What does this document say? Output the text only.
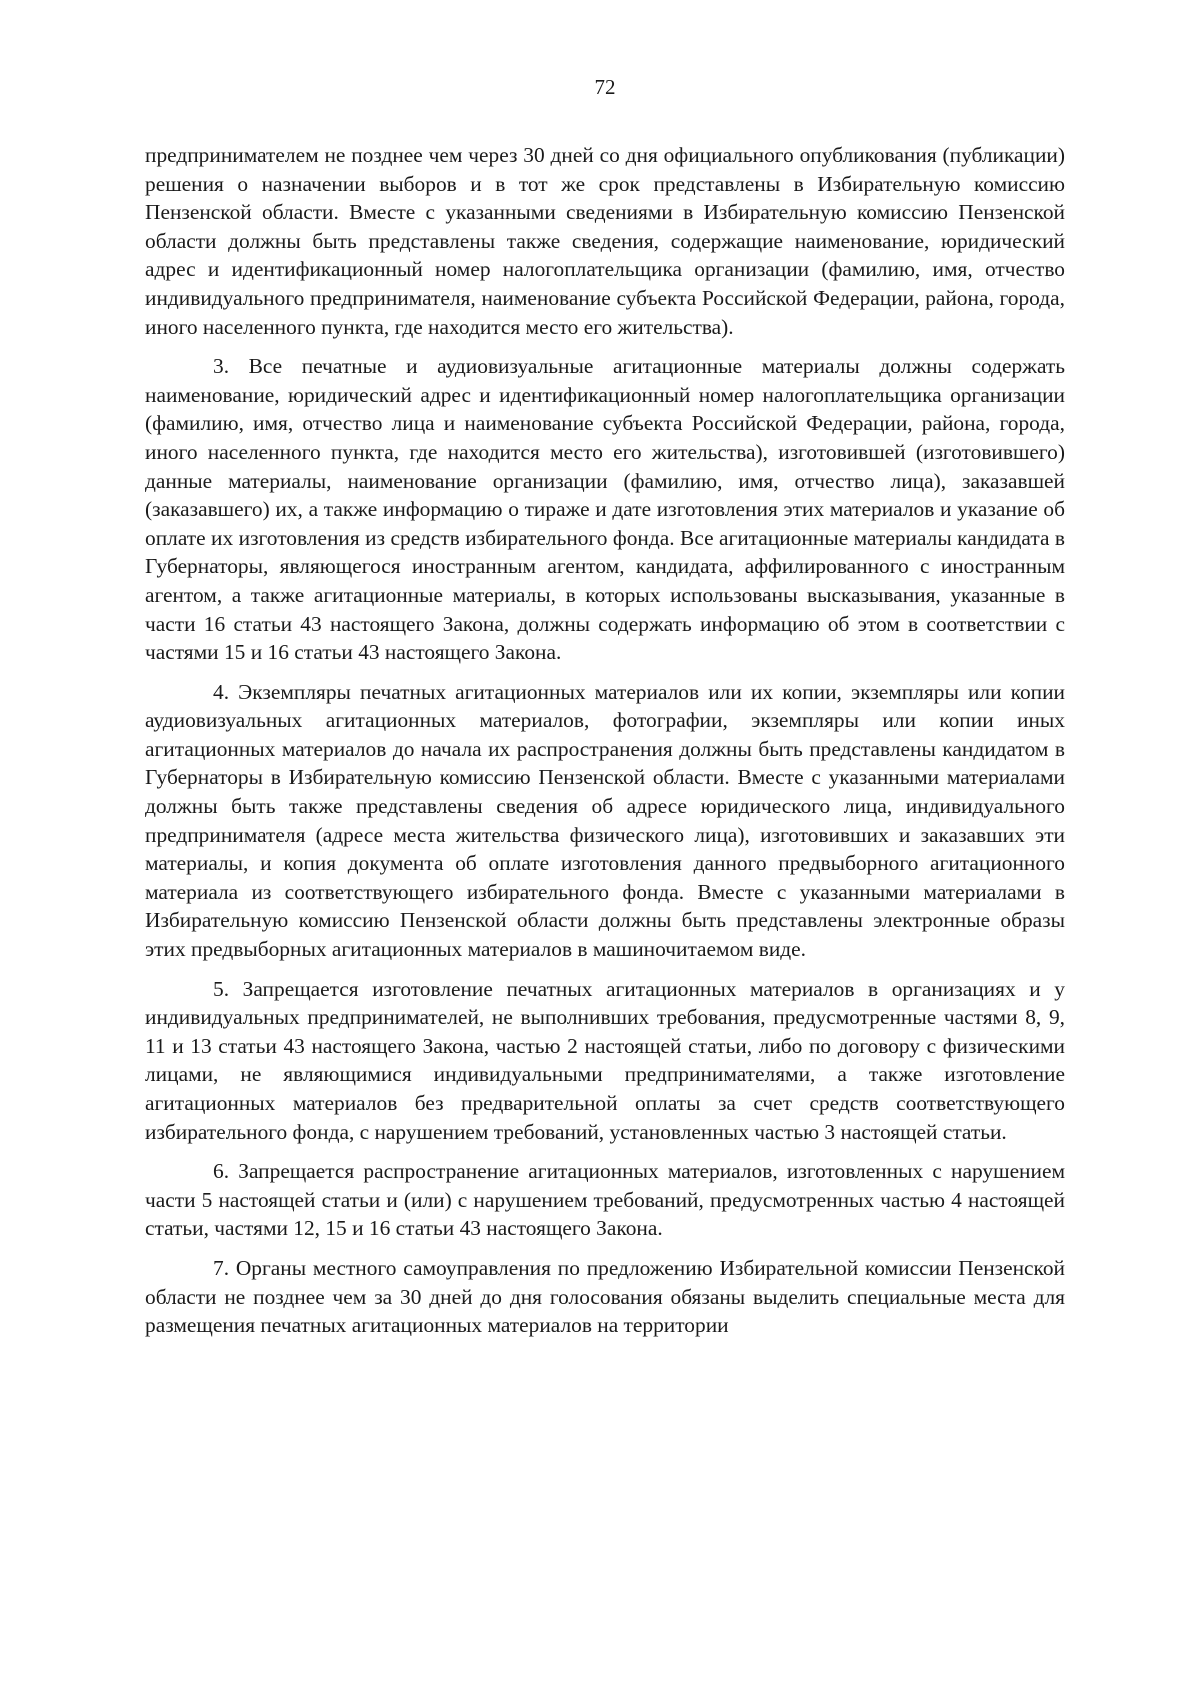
72

предпринимателем не позднее чем через 30 дней со дня официального опубликования (публикации) решения о назначении выборов и в тот же срок представлены в Избирательную комиссию Пензенской области. Вместе с указанными сведениями в Избирательную комиссию Пензенской области должны быть представлены также сведения, содержащие наименование, юридический адрес и идентификационный номер налогоплательщика организации (фамилию, имя, отчество индивидуального предпринимателя, наименование субъекта Российской Федерации, района, города, иного населенного пункта, где находится место его жительства).

3. Все печатные и аудиовизуальные агитационные материалы должны содержать наименование, юридический адрес и идентификационный номер налогоплательщика организации (фамилию, имя, отчество лица и наименование субъекта Российской Федерации, района, города, иного населенного пункта, где находится место его жительства), изготовившей (изготовившего) данные материалы, наименование организации (фамилию, имя, отчество лица), заказавшей (заказавшего) их, а также информацию о тираже и дате изготовления этих материалов и указание об оплате их изготовления из средств избирательного фонда. Все агитационные материалы кандидата в Губернаторы, являющегося иностранным агентом, кандидата, аффилированного с иностранным агентом, а также агитационные материалы, в которых использованы высказывания, указанные в части 16 статьи 43 настоящего Закона, должны содержать информацию об этом в соответствии с частями 15 и 16 статьи 43 настоящего Закона.

4. Экземпляры печатных агитационных материалов или их копии, экземпляры или копии аудиовизуальных агитационных материалов, фотографии, экземпляры или копии иных агитационных материалов до начала их распространения должны быть представлены кандидатом в Губернаторы в Избирательную комиссию Пензенской области. Вместе с указанными материалами должны быть также представлены сведения об адресе юридического лица, индивидуального предпринимателя (адресе места жительства физического лица), изготовивших и заказавших эти материалы, и копия документа об оплате изготовления данного предвыборного агитационного материала из соответствующего избирательного фонда. Вместе с указанными материалами в Избирательную комиссию Пензенской области должны быть представлены электронные образы этих предвыборных агитационных материалов в машиночитаемом виде.

5. Запрещается изготовление печатных агитационных материалов в организациях и у индивидуальных предпринимателей, не выполнивших требования, предусмотренные частями 8, 9, 11 и 13 статьи 43 настоящего Закона, частью 2 настоящей статьи, либо по договору с физическими лицами, не являющимися индивидуальными предпринимателями, а также изготовление агитационных материалов без предварительной оплаты за счет средств соответствующего избирательного фонда, с нарушением требований, установленных частью 3 настоящей статьи.

6. Запрещается распространение агитационных материалов, изготовленных с нарушением части 5 настоящей статьи и (или) с нарушением требований, предусмотренных частью 4 настоящей статьи, частями 12, 15 и 16 статьи 43 настоящего Закона.

7. Органы местного самоуправления по предложению Избирательной комиссии Пензенской области не позднее чем за 30 дней до дня голосования обязаны выделить специальные места для размещения печатных агитационных материалов на территории
